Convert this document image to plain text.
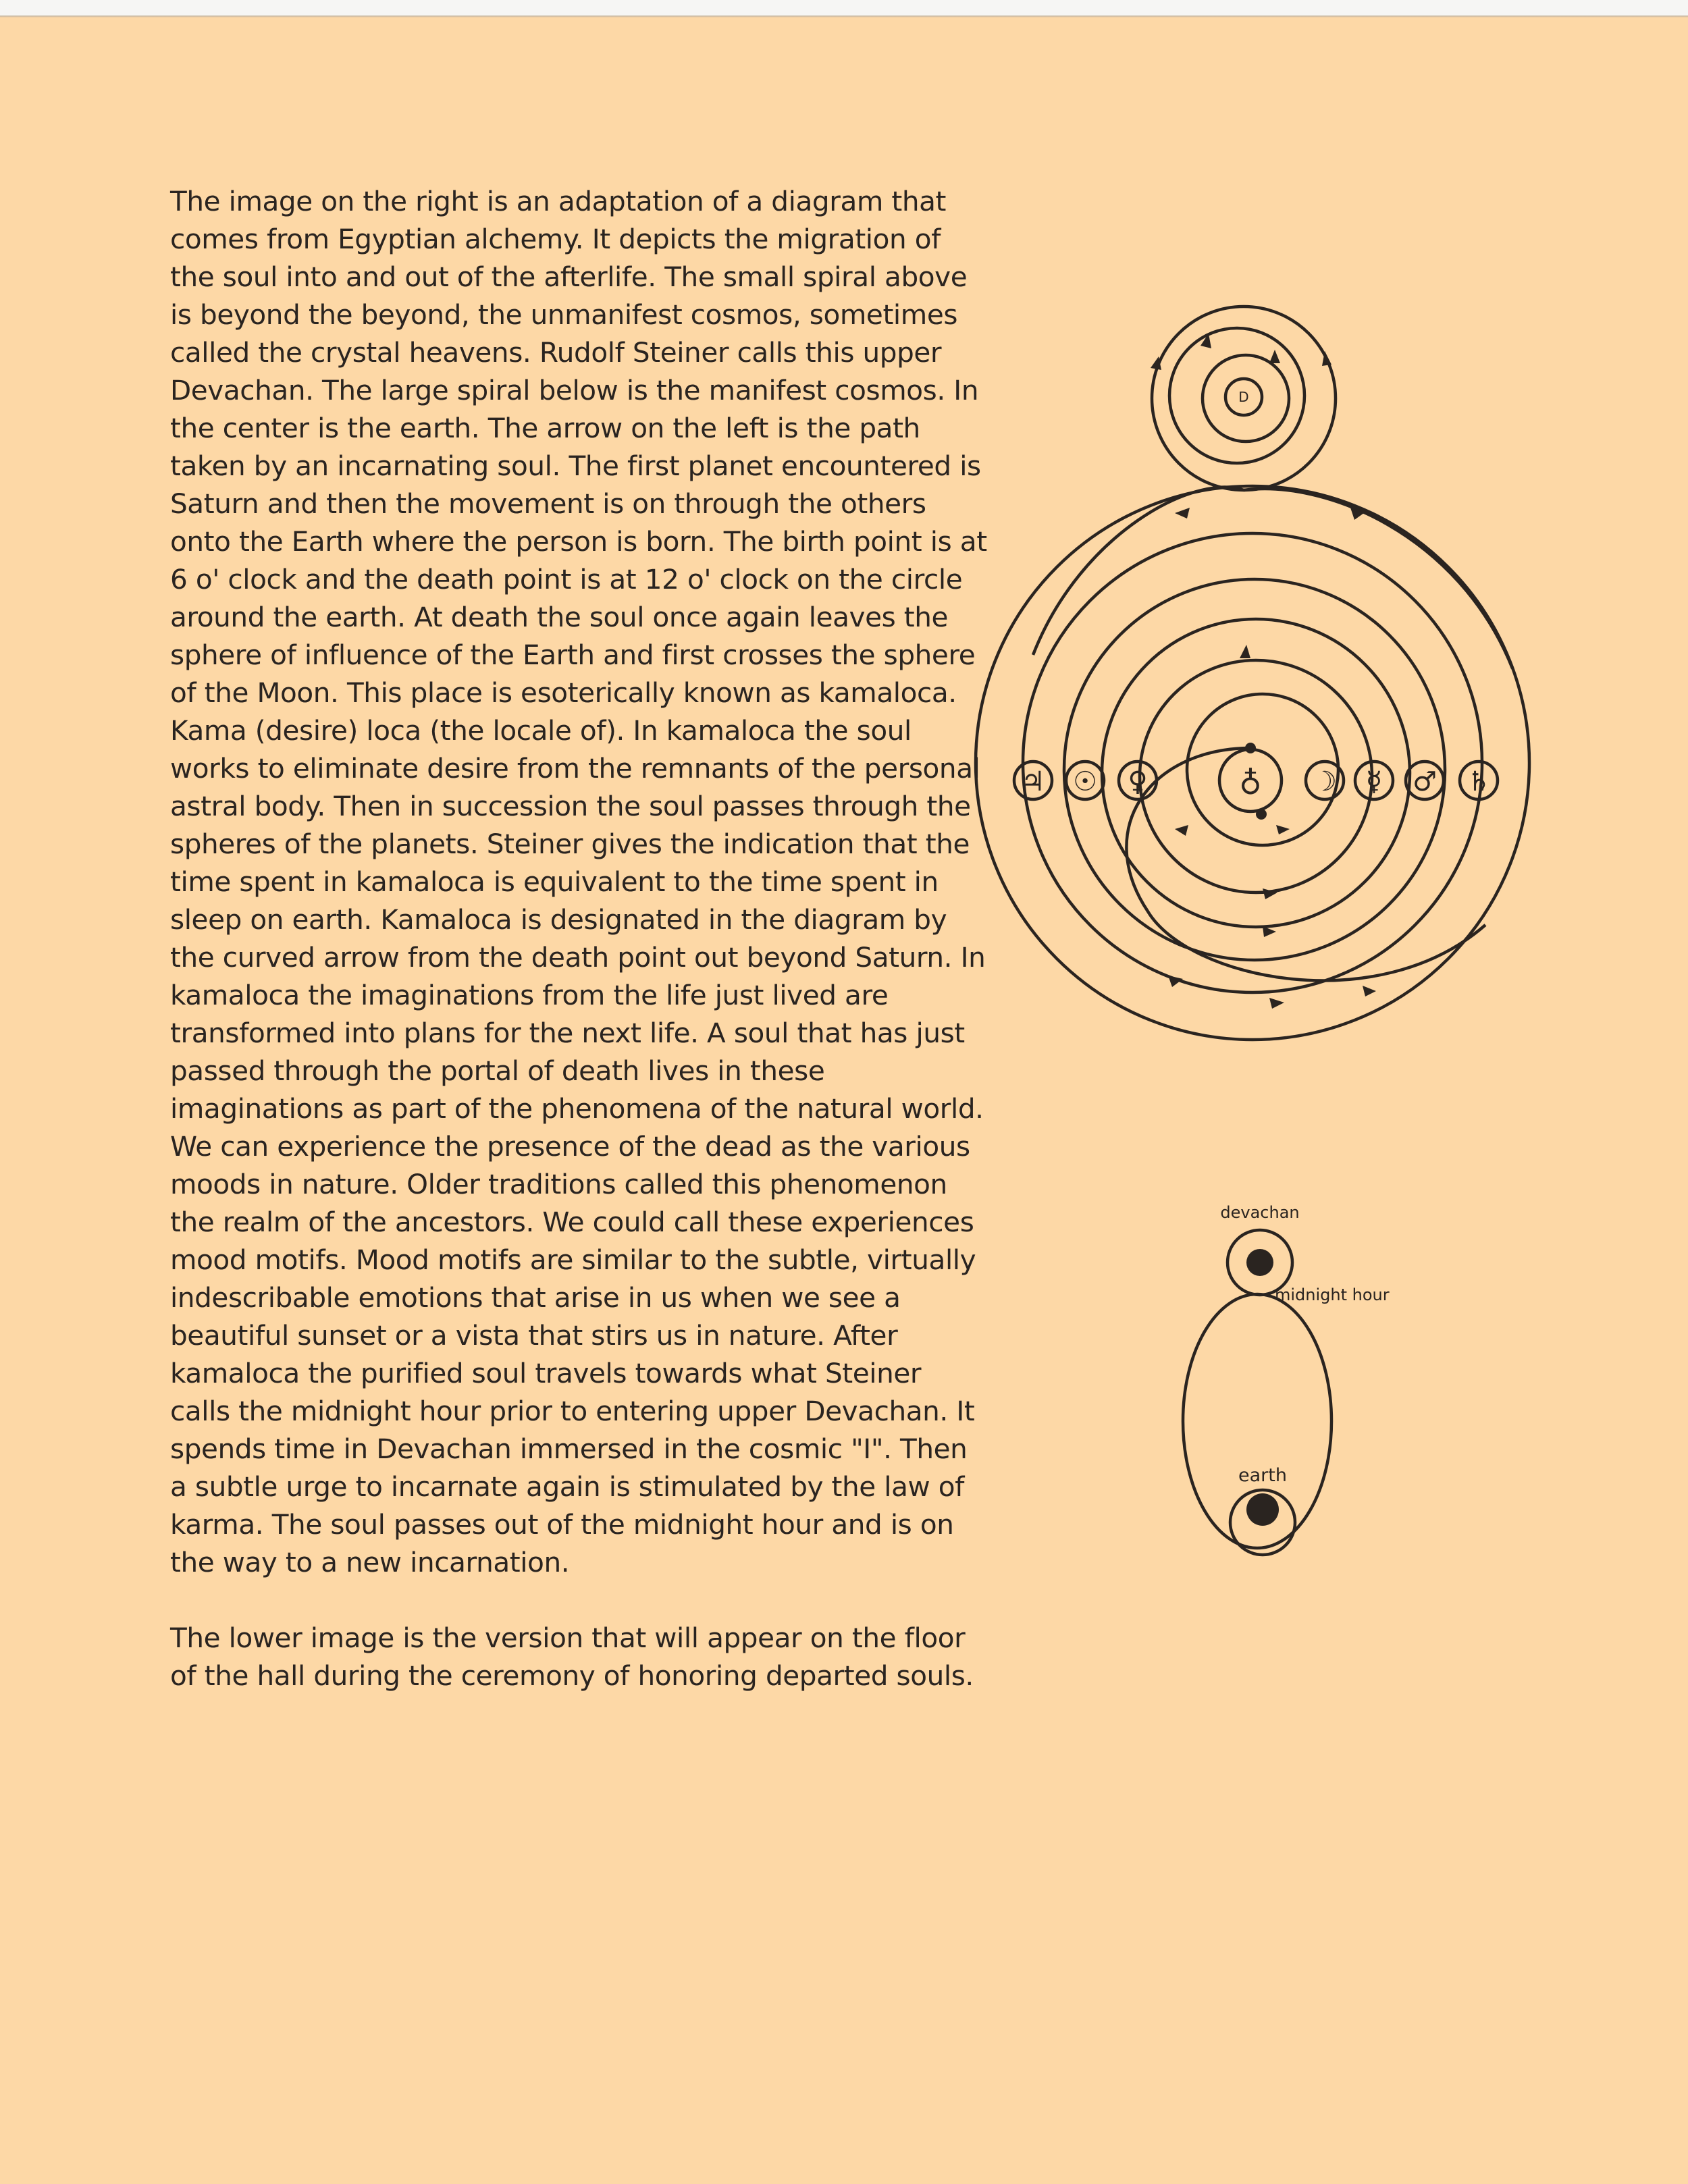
The image on the right is an adaptation of a diagram that comes from Egyptian alchemy. It depicts the migration of the soul into and out of the afterlife. The small spiral above is beyond the beyond, the unmanifest cosmos, sometimes called the crystal heavens. Rudolf Steiner calls this upper Devachan. The large spiral below is the manifest cosmos. In the center is the earth. The arrow on the left is the path taken by an incarnating soul. The first planet encountered is Saturn and then the movement is on through the others onto the Earth where the person is born. The birth point is at 6 o' clock and the death point is at 12 o' clock on the circle around the earth. At death the soul once again leaves the sphere of influence of the Earth and first crosses the sphere of the Moon. This place is esoterically known as kamaloca. Kama (desire) loca (the locale of). In kamaloca the soul works to eliminate desire from the remnants of the personal astral body. Then in succession the soul passes through the spheres of the planets. Steiner gives the indication that the time spent in kamaloca is equivalent to the time spent in sleep on earth. Kamaloca is designated in the diagram by the curved arrow from the death point out beyond Saturn. In kamaloca the imaginations from the life just lived are transformed into plans for the next life. A soul that has just passed through the portal of death lives in these imaginations as part of the phenomena of the natural world. We can experience the presence of the dead as the various moods in nature. Older traditions called this phenomenon the realm of the ancestors. We could call these experiences mood motifs. Mood motifs are similar to the subtle, virtually indescribable emotions that arise in us when we see a beautiful sunset or a vista that stirs us in nature. After kamaloca the purified soul travels towards what Steiner calls the midnight hour prior to entering upper Devachan. It spends time in Devachan immersed in the cosmic "I". Then a subtle urge to incarnate again is stimulated by the law of karma. The soul passes out of the midnight hour and is on the way to a new incarnation.

The lower image is the version that will appear on the floor of the hall during the ceremony of honoring departed souls.

D
♁
♃ ☉ ♀	☽ ☿ ♂ ♄
devachan
midnight hour
earth
